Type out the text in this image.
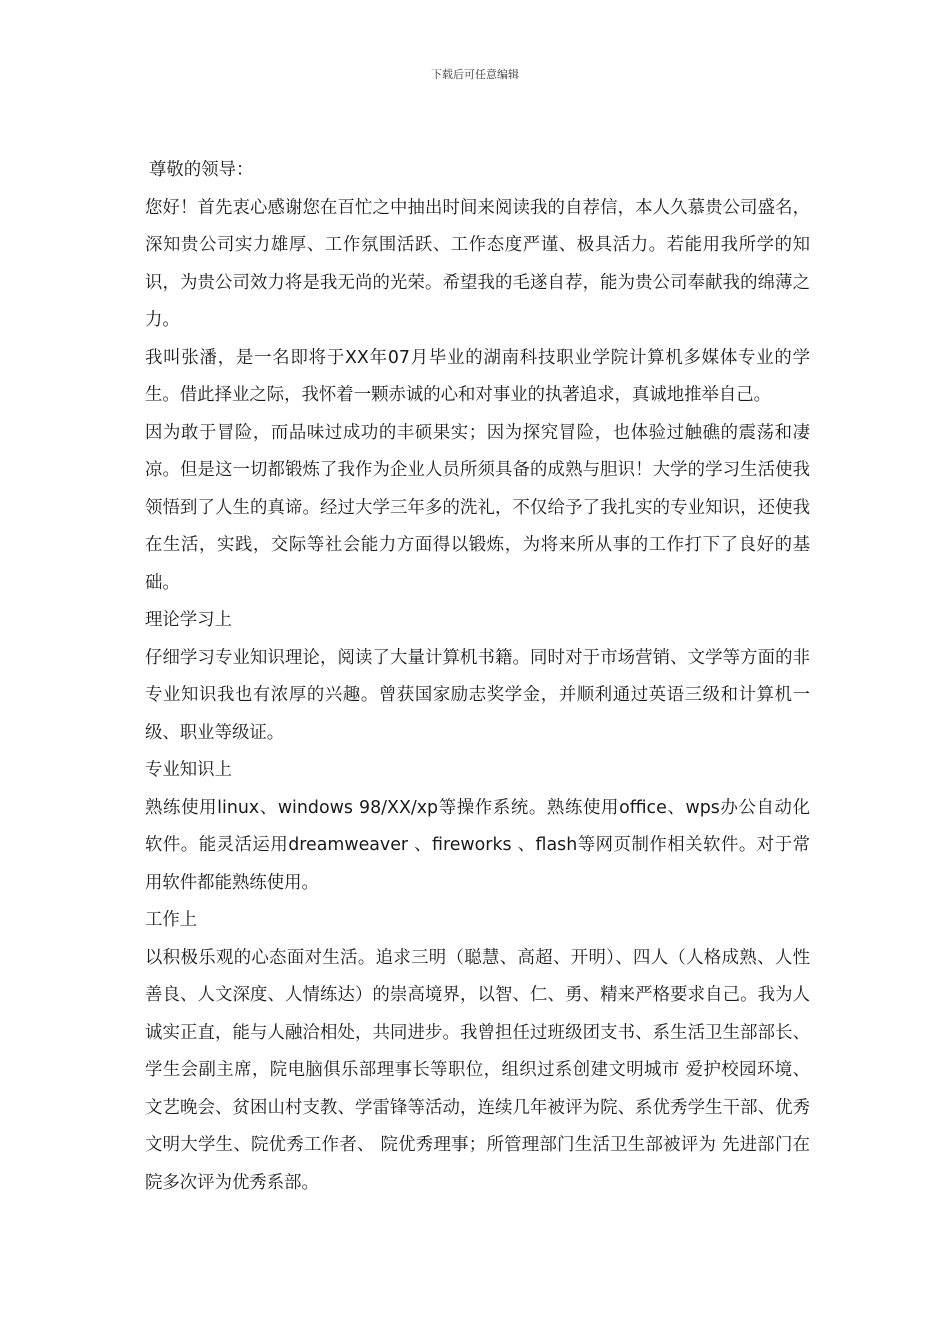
下载后可任意编辑

尊敬的领导：

您好！首先衷心感谢您在百忙之中抽出时间来阅读我的自荐信，本人久慕贵公司盛名，深知贵公司实力雄厚、工作氛围活跃、工作态度严谨、极具活力。若能用我所学的知识，为贵公司效力将是我无尚的光荣。希望我的毛遂自荐，能为贵公司奉献我的绵薄之力。

我叫张潘，是一名即将于XX年07月毕业的湖南科技职业学院计算机多媒体专业的学生。借此择业之际，我怀着一颗赤诚的心和对事业的执著追求，真诚地推举自己。

因为敢于冒险，而品味过成功的丰硕果实；因为探究冒险，也体验过触礁的震荡和凄凉。但是这一切都锻炼了我作为企业人员所须具备的成熟与胆识！大学的学习生活使我领悟到了人生的真谛。经过大学三年多的洗礼，不仅给予了我扎实的专业知识，还使我在生活，实践，交际等社会能力方面得以锻炼，为将来所从事的工作打下了良好的基础。

理论学习上

仔细学习专业知识理论，阅读了大量计算机书籍。同时对于市场营销、文学等方面的非专业知识我也有浓厚的兴趣。曾获国家励志奖学金，并顺利通过英语三级和计算机一级、职业等级证。

专业知识上

熟练使用linux、windows 98/XX/xp等操作系统。熟练使用office、wps办公自动化软件。能灵活运用dreamweaver 、fireworks 、flash等网页制作相关软件。对于常用软件都能熟练使用。

工作上

以积极乐观的心态面对生活。追求三明（聪慧、高超、开明）、四人（人格成熟、人性善良、人文深度、人情练达）的崇高境界，以智、仁、勇、精来严格要求自己。我为人诚实正直，能与人融洽相处，共同进步。我曾担任过班级团支书、系生活卫生部部长、学生会副主席，院电脑俱乐部理事长等职位，组织过系创建文明城市 爱护校园环境、 文艺晚会、贫困山村支教、学雷锋等活动，连续几年被评为院、系优秀学生干部、优秀文明大学生、院优秀工作者、 院优秀理事；所管理部门生活卫生部被评为 先进部门在院多次评为优秀系部。
